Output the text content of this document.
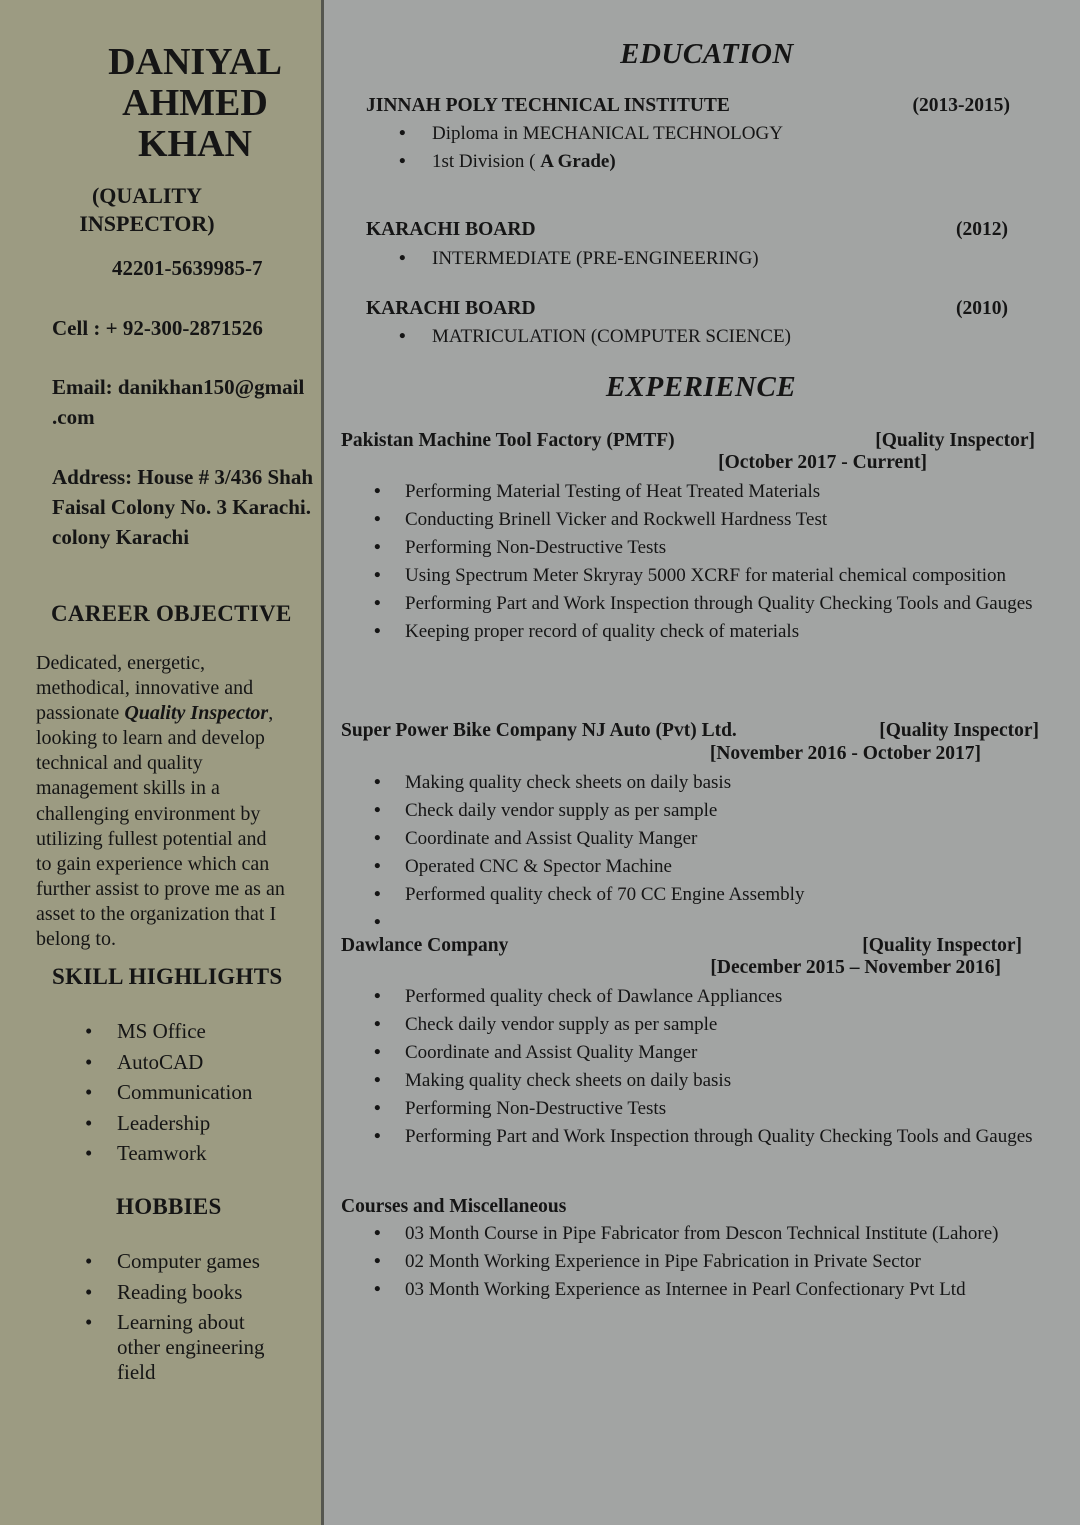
DANIYAL
AHMED
KHAN
(QUALITY INSPECTOR)
42201-5639985-7
Cell : + 92-300-2871526
Email: danikhan150@gmail
.com
Address: House # 3/436 Shah
Faisal Colony No. 3 Karachi.
colony Karachi
CAREER OBJECTIVE
Dedicated, energetic,
methodical, innovative and
passionate Quality Inspector,
looking to learn and develop
technical and quality
management skills in a
challenging environment by
utilizing fullest potential and
to gain experience which can
further assist to prove me as an
asset to the organization that I
belong to.
SKILL HIGHLIGHTS
• MS Office
• AutoCAD
• Communication
• Leadership
• Teamwork
HOBBIES
• Computer games
• Reading books
• Learning about other engineering field
EDUCATION
JINNAH POLY TECHNICAL INSTITUTE	(2013-2015)
• Diploma in MECHANICAL TECHNOLOGY
• 1st Division ( A Grade)
KARACHI BOARD	(2012)
• INTERMEDIATE (PRE-ENGINEERING)
KARACHI BOARD	(2010)
• MATRICULATION (COMPUTER SCIENCE)
EXPERIENCE
Pakistan Machine Tool Factory (PMTF)	[Quality Inspector]
[October 2017 - Current]
• Performing Material Testing of Heat Treated Materials
• Conducting Brinell Vicker and Rockwell Hardness Test
• Performing Non-Destructive Tests
• Using Spectrum Meter Skryray 5000 XCRF for material chemical composition
• Performing Part and Work Inspection through Quality Checking Tools and Gauges
• Keeping proper record of quality check of materials
Super Power Bike Company NJ Auto (Pvt) Ltd.	[Quality Inspector]
[November 2016 - October 2017]
• Making quality check sheets on daily basis
• Check daily vendor supply as per sample
• Coordinate and Assist Quality Manger
• Operated CNC & Spector Machine
• Performed quality check of 70 CC Engine Assembly
•
Dawlance Company	[Quality Inspector]
[December 2015 – November 2016]
• Performed quality check of Dawlance Appliances
• Check daily vendor supply as per sample
• Coordinate and Assist Quality Manger
• Making quality check sheets on daily basis
• Performing Non-Destructive Tests
• Performing Part and Work Inspection through Quality Checking Tools and Gauges
Courses and Miscellaneous
• 03 Month Course in Pipe Fabricator from Descon Technical Institute (Lahore)
• 02 Month Working Experience in Pipe Fabrication in Private Sector
• 03 Month Working Experience as Internee in Pearl Confectionary Pvt Ltd
